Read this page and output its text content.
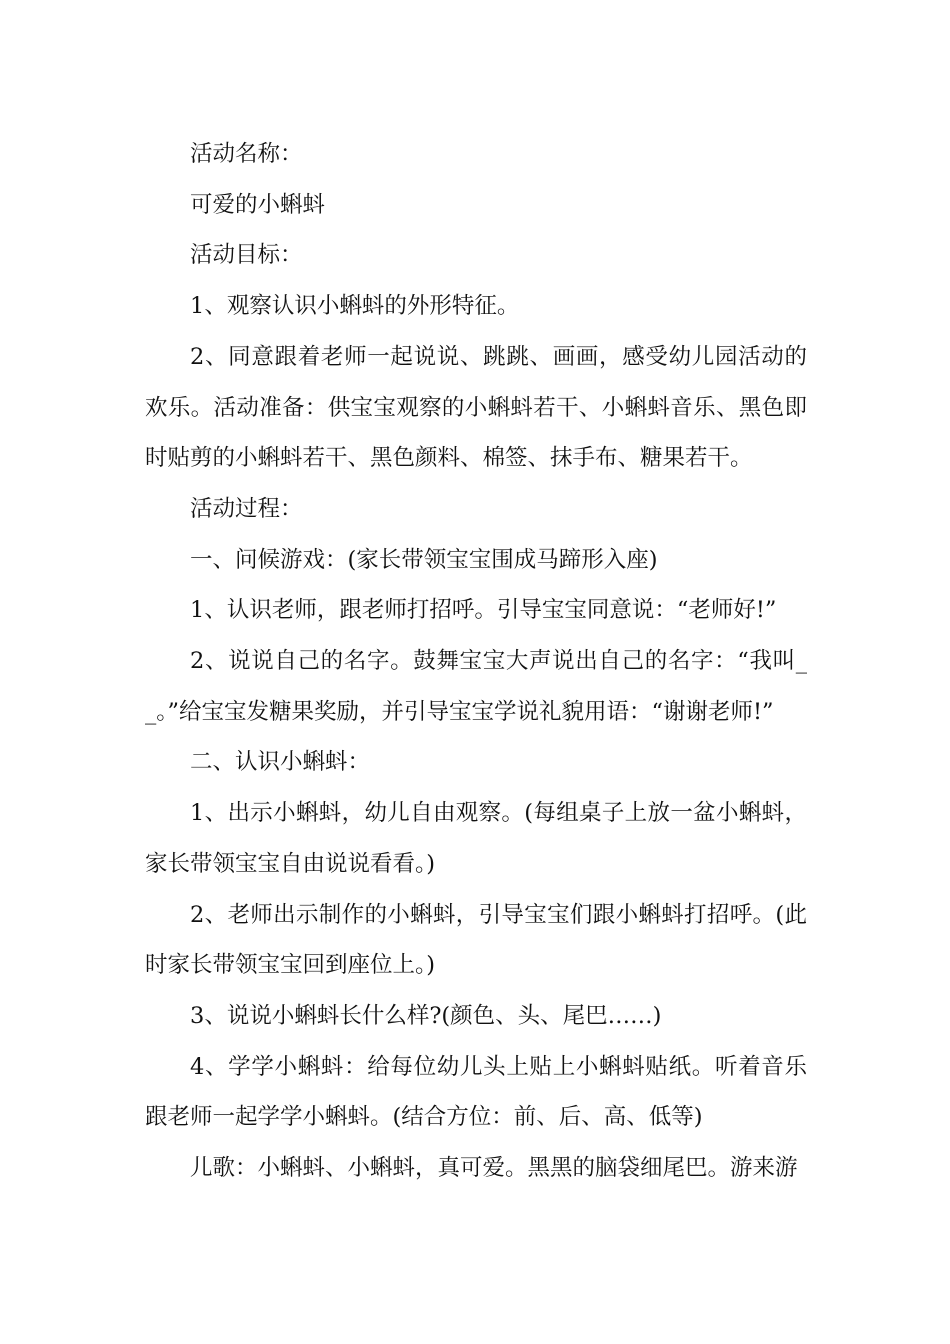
活动名称：

可爱的小蝌蚪

活动目标：

1、观察认识小蝌蚪的外形特征。

2、同意跟着老师一起说说、跳跳、画画，感受幼儿园活动的欢乐。活动准备：供宝宝观察的小蝌蚪若干、小蝌蚪音乐、黑色即时贴剪的小蝌蚪若干、黑色颜料、棉签、抹手布、糖果若干。

活动过程：

一、问候游戏：(家长带领宝宝围成马蹄形入座)

1、认识老师，跟老师打招呼。引导宝宝同意说：“老师好!”

2、说说自己的名字。鼓舞宝宝大声说出自己的名字：“我叫__。”给宝宝发糖果奖励，并引导宝宝学说礼貌用语：“谢谢老师!”

二、认识小蝌蚪：

1、出示小蝌蚪，幼儿自由观察。(每组桌子上放一盆小蝌蚪，家长带领宝宝自由说说看看。)

2、老师出示制作的小蝌蚪，引导宝宝们跟小蝌蚪打招呼。(此时家长带领宝宝回到座位上。)

3、说说小蝌蚪长什么样?(颜色、头、尾巴……)

4、学学小蝌蚪：给每位幼儿头上贴上小蝌蚪贴纸。听着音乐跟老师一起学学小蝌蚪。(结合方位：前、后、高、低等)

儿歌：小蝌蚪、小蝌蚪，真可爱。黑黑的脑袋细尾巴。游来游
